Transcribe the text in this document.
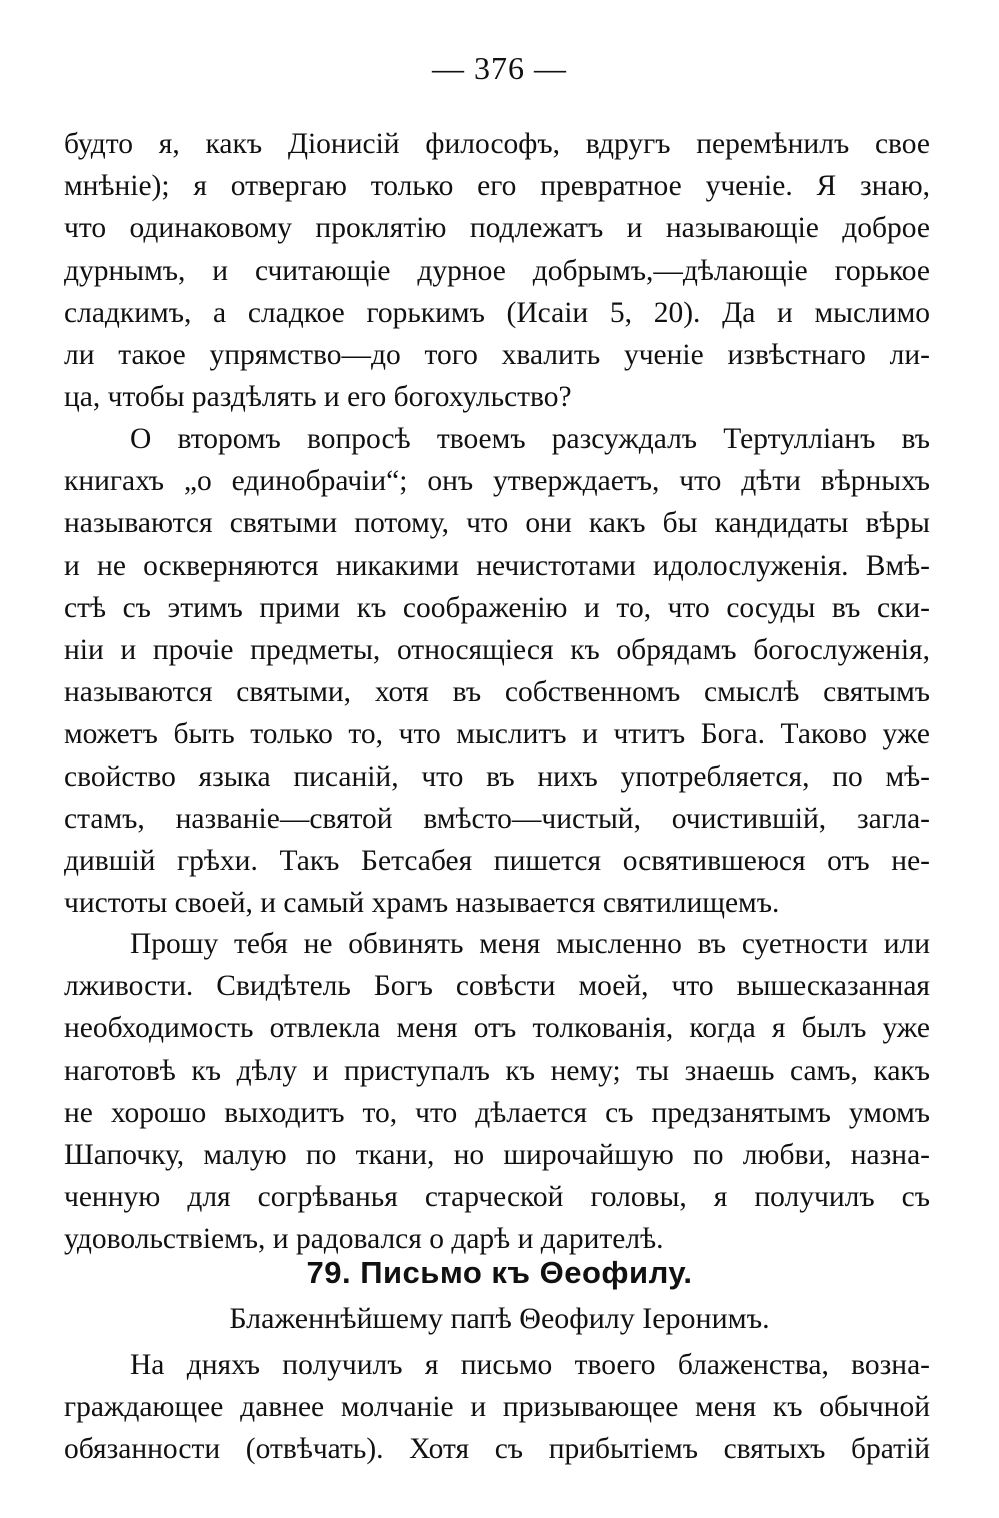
— 376 —
будто я, какъ Діонисій философъ, вдругъ перемѣнилъ свое
мнѣніе); я отвергаю только его превратное ученіе. Я знаю,
что одинаковому проклятію подлежатъ и называющіе доброе
дурнымъ, и считающіе дурное добрымъ,—дѣлающіе горькое
сладкимъ, а сладкое горькимъ (Исаіи 5, 20). Да и мыслимо
ли такое упрямство—до того хвалить ученіе извѣстнаго ли-
ца, чтобы раздѣлять и его богохульство?
О второмъ вопросѣ твоемъ разсуждалъ Тертулліанъ въ
книгахъ „о единобрачіи“; онъ утверждаетъ, что дѣти вѣрныхъ
называются святыми потому, что они какъ бы кандидаты вѣры
и не оскверняются никакими нечистотами идолослуженія. Вмѣ-
стѣ съ этимъ прими къ соображенію и то, что сосуды въ ски-
ніи и прочіе предметы, относящіеся къ обрядамъ богослуженія,
называются святыми, хотя въ собственномъ смыслѣ святымъ
можетъ быть только то, что мыслитъ и чтитъ Бога. Таково уже
свойство языка писаній, что въ нихъ употребляется, по мѣ-
стамъ, названіе—святой вмѣсто—чистый, очистившій, загла-
дившій грѣхи. Такъ Бетсабея пишется освятившеюся отъ не-
чистоты своей, и самый храмъ называется святилищемъ.
Прошу тебя не обвинять меня мысленно въ суетности или
лживости. Свидѣтель Богъ совѣсти моей, что вышесказанная
необходимость отвлекла меня отъ толкованія, когда я былъ уже
наготовѣ къ дѣлу и приступалъ къ нему; ты знаешь самъ, какъ
не хорошо выходитъ то, что дѣлается съ предзанятымъ умомъ
Шапочку, малую по ткани, но широчайшую по любви, назна-
ченную для согрѣванья старческой головы, я получилъ съ
удовольствіемъ, и радовался о дарѣ и дарителѣ.
79. Письмо къ Θеофилу.
Блаженнѣйшему папѣ Θеофилу Іеронимъ.
На дняхъ получилъ я письмо твоего блаженства, возна-
граждающее давнее молчаніе и призывающее меня къ обычной
обязанности (отвѣчать). Хотя съ прибытіемъ святыхъ братій
